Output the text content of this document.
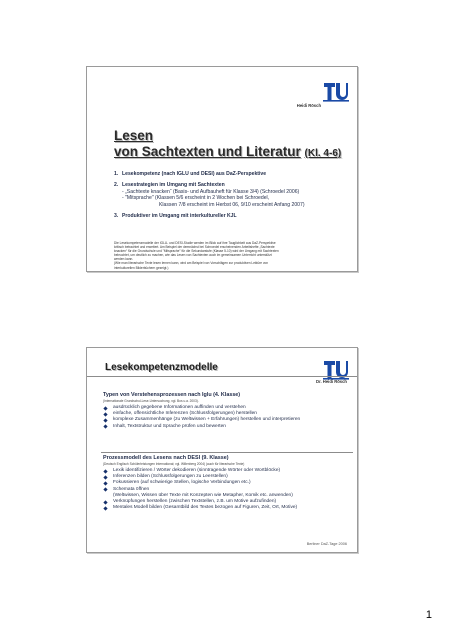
Heidi Rösch
Lesen
von Sachtexten und Literatur (Kl. 4-6)
1. Lesekompetenz (nach IGLU und DESI) aus DaZ-Perspektive
2. Lesestrategien im Umgang mit Sachtexten
- „Sachtexte knacken“ (Basis- und Aufbauheft für Klasse 3/4) (Schroedel 2006)
- "Mitsprache" (Klassen 5/6 erscheint in 2 Wochen bei Schroedel,
Klassen 7/8 erscheint im Herbst 06, 9/10 erscheint Anfang 2007)
3. Produktiver im Umgang mit interkultureller KJL
Die Lesekompetenzmodelle der IGLU- und DESI-Studie werden im Blick auf ihre Tauglichkeit aus DaZ-Perspektive
kritisch betrachtet und erweitert. Am Beispiel der demnächst bei Schroedel erscheinenden Arbeitshefte „Sachtexte
knacken“ für die Grundschule und "Mitsprache" für die Sekundarstufe (Klasse 5-10) wird der Umgang mit Sachtexten
beleuchtet, um deutlich zu machen, wie das Lesen von Sachtexten auch im gemeinsamen Unterricht unterstützt
werden kann.
(Wie man literarische Texte lesen lernen kann, wird am Beispiel von Vorschlägen zur produktiven Lektüre von
interkulturellen Bilderbüchern gezeigt.)
Lesekompetenzmodelle
Dr. Heidi Rösch
Typen von Verstehensprozessen nach Iglu (4. Klasse)
(Internationale Grundschul-Lese-Untersuchung, vgl. Bos u.a. 2003).
ausdrücklich gegebene Informationen auffinden und verstehen
einfache, offensichtliche Inferenzen (Schlussfolgerungen) herstellen
komplexe Zusammenhänge (zu Weltwissen + Erfahrungen) herstellen und interpretieren
Inhalt, Textstruktur und Sprache prüfen und bewerten
Prozessmodell des Lesens nach DESI (9. Klasse)
(Deutsch Englisch Schülerleistungen International; vgl. Willenberg 2004) (auch für literarische Texte)
Lexik identifizieren / Wörter dekodieren (sinntragende Wörter oder Wortblöcke)
Inferenzen bilden (Schlussfolgerungen zu Leerstellen)
Fokussieren (auf schwierige Stellen, logische Verbindungen etc.)
Schemata öffnen
(Weltwissen, Wissen über Texte mit Konzepten wie Metapher, Komik etc. anwenden)
Verknüpfungen herstellen (zwischen Textstellen, z.B. um Motive aufzufinden)
Mentales Modell bilden (Gesamtbild des Textes bezogen auf Figuren, Zeit, Ort, Motive)
Berliner DaZ-Tage 2006
1
